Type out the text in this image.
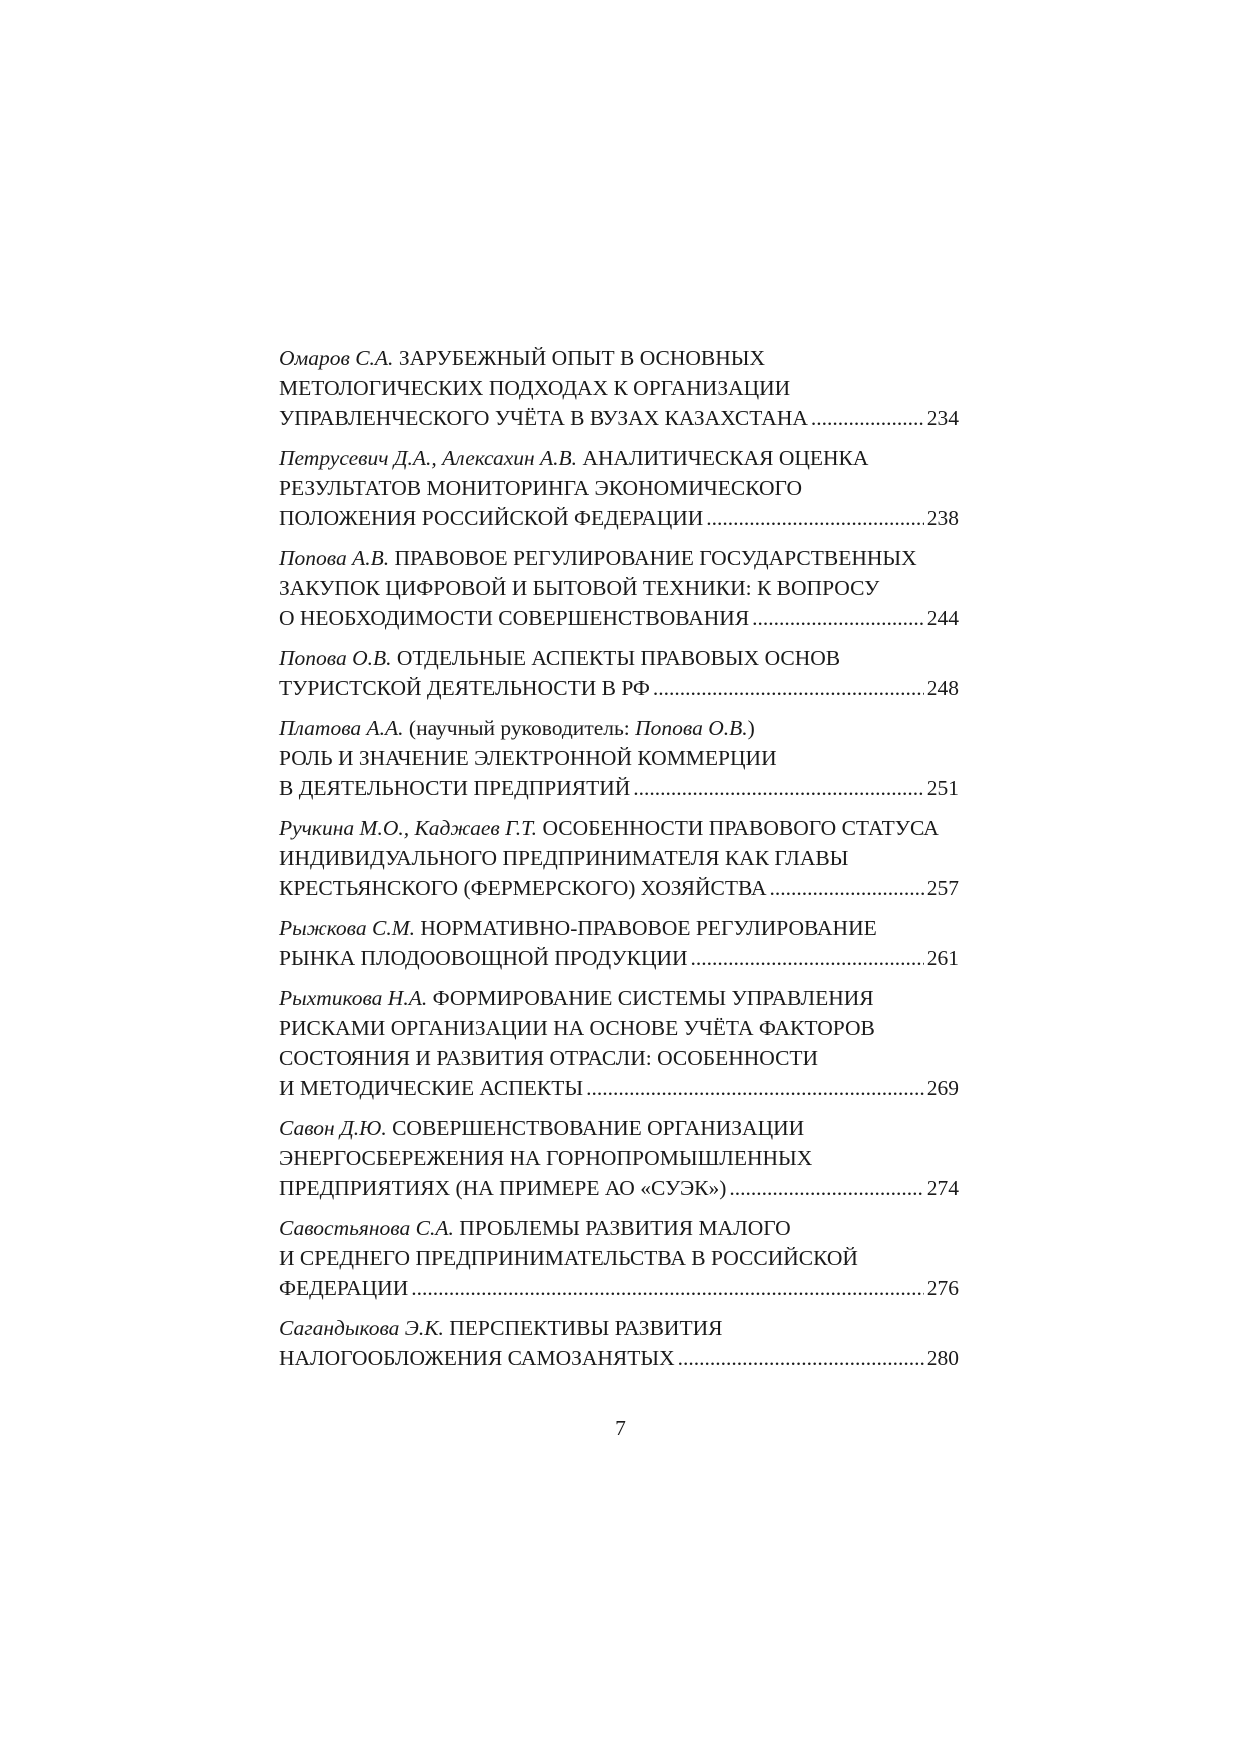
Омаров С.А. ЗАРУБЕЖНЫЙ ОПЫТ В ОСНОВНЫХ
МЕТОЛОГИЧЕСКИХ ПОДХОДАХ К ОРГАНИЗАЦИИ
УПРАВЛЕНЧЕСКОГО УЧЁТА В ВУЗАХ КАЗАХСТАНА .....	234
Петрусевич Д.А., Алексахин А.В. АНАЛИТИЧЕСКАЯ ОЦЕНКА
РЕЗУЛЬТАТОВ МОНИТОРИНГА ЭКОНОМИЧЕСКОГО
ПОЛОЖЕНИЯ РОССИЙСКОЙ ФЕДЕРАЦИИ .....	238
Попова А.В. ПРАВОВОЕ РЕГУЛИРОВАНИЕ ГОСУДАРСТВЕННЫХ
ЗАКУПОК ЦИФРОВОЙ И БЫТОВОЙ ТЕХНИКИ: К ВОПРОСУ
О НЕОБХОДИМОСТИ СОВЕРШЕНСТВОВАНИЯ .....	244
Попова О.В. ОТДЕЛЬНЫЕ АСПЕКТЫ ПРАВОВЫХ ОСНОВ
ТУРИСТСКОЙ ДЕЯТЕЛЬНОСТИ В РФ .....	248
Платова А.А. (научный руководитель: Попова О.В.)
РОЛЬ И ЗНАЧЕНИЕ ЭЛЕКТРОННОЙ КОММЕРЦИИ
В ДЕЯТЕЛЬНОСТИ ПРЕДПРИЯТИЙ .....	251
Ручкина М.О., Каджаев Г.Т. ОСОБЕННОСТИ ПРАВОВОГО СТАТУСА
ИНДИВИДУАЛЬНОГО ПРЕДПРИНИМАТЕЛЯ КАК ГЛАВЫ
КРЕСТЬЯНСКОГО (ФЕРМЕРСКОГО) ХОЗЯЙСТВА .....	257
Рыжкова С.М. НОРМАТИВНО-ПРАВОВОЕ РЕГУЛИРОВАНИЕ
РЫНКА ПЛОДООВОЩНОЙ ПРОДУКЦИИ .....	261
Рыхтикова Н.А. ФОРМИРОВАНИЕ СИСТЕМЫ УПРАВЛЕНИЯ
РИСКАМИ ОРГАНИЗАЦИИ НА ОСНОВЕ УЧЁТА ФАКТОРОВ
СОСТОЯНИЯ И РАЗВИТИЯ ОТРАСЛИ: ОСОБЕННОСТИ
И МЕТОДИЧЕСКИЕ АСПЕКТЫ .....	269
Савон Д.Ю. СОВЕРШЕНСТВОВАНИЕ ОРГАНИЗАЦИИ
ЭНЕРГОСБЕРЕЖЕНИЯ НА ГОРНОПРОМЫШЛЕННЫХ
ПРЕДПРИЯТИЯХ (НА ПРИМЕРЕ АО «СУЭК») .....	274
Савостьянова С.А. ПРОБЛЕМЫ РАЗВИТИЯ МАЛОГО
И СРЕДНЕГО ПРЕДПРИНИМАТЕЛЬСТВА В РОССИЙСКОЙ
ФЕДЕРАЦИИ .....	276
Сагандыкова Э.К. ПЕРСПЕКТИВЫ РАЗВИТИЯ
НАЛОГООБЛОЖЕНИЯ САМОЗАНЯТЫХ .....	280
7
